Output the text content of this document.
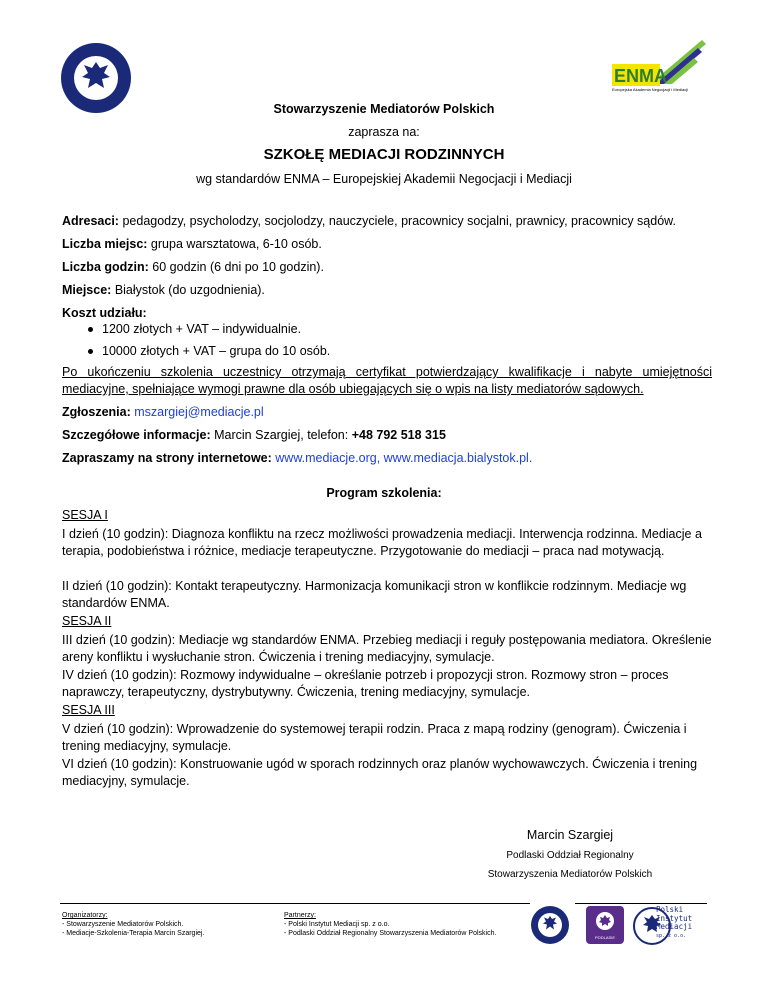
ENMA
Europejska Akademia Negocjacji i Mediacji
Stowarzyszenie Mediatorów Polskich
zaprasza na:
SZKOŁĘ MEDIACJI RODZINNYCH
wg standardów ENMA – Europejskiej Akademii Negocjacji i Mediacji
Adresaci: pedagodzy, psycholodzy, socjolodzy, nauczyciele, pracownicy socjalni, prawnicy, pracownicy sądów.
Liczba miejsc: grupa warsztatowa, 6-10 osób.
Liczba godzin: 60 godzin (6 dni po 10 godzin).
Miejsce: Białystok (do uzgodnienia).
Koszt udziału:
1200 złotych + VAT – indywidualnie.
10000 złotych + VAT – grupa do 10 osób.
Po ukończeniu szkolenia uczestnicy otrzymają certyfikat potwierdzający kwalifikacje i nabyte umiejętności mediacyjne, spełniające wymogi prawne dla osób ubiegających się o wpis na listy mediatorów sądowych.
Zgłoszenia: mszargiej@mediacje.pl
Szczegółowe informacje: Marcin Szargiej, telefon: +48 792 518 315
Zapraszamy na strony internetowe: www.mediacje.org, www.mediacja.bialystok.pl.
Program szkolenia:
SESJA I
I dzień (10 godzin): Diagnoza konfliktu na rzecz możliwości prowadzenia mediacji. Interwencja rodzinna. Mediacje a terapia, podobieństwa i różnice, mediacje terapeutyczne. Przygotowanie do mediacji – praca nad motywacją.
II dzień (10 godzin): Kontakt terapeutyczny. Harmonizacja komunikacji stron w konflikcie rodzinnym. Mediacje wg standardów ENMA.
SESJA II
III dzień (10 godzin): Mediacje wg standardów ENMA. Przebieg mediacji i reguły postępowania mediatora. Określenie areny konfliktu i wysłuchanie stron. Ćwiczenia i trening mediacyjny, symulacje.
IV dzień (10 godzin): Rozmowy indywidualne – określanie potrzeb i propozycji stron. Rozmowy stron – proces naprawczy, terapeutyczny, dystrybutywny. Ćwiczenia, trening mediacyjny, symulacje.
SESJA III
V dzień (10 godzin): Wprowadzenie do systemowej terapii rodzin. Praca z mapą rodziny (genogram). Ćwiczenia i trening mediacyjny, symulacje.
VI dzień (10 godzin): Konstruowanie ugód w sporach rodzinnych oraz planów wychowawczych. Ćwiczenia i trening mediacyjny, symulacje.
Marcin Szargiej
Podlaski Oddział Regionalny
Stowarzyszenia Mediatorów Polskich
Organizatorzy:
- Stowarzyszenie Mediatorów Polskich.
- Mediacje-Szkolenia-Terapia Marcin Szargiej.
Partnerzy:
- Polski Instytut Mediacji sp. z o.o.
- Podlaski Oddział Regionalny Stowarzyszenia Mediatorów Polskich.
PODLASIE
Polski
Instytut
Mediacji
sp. z o.o.
